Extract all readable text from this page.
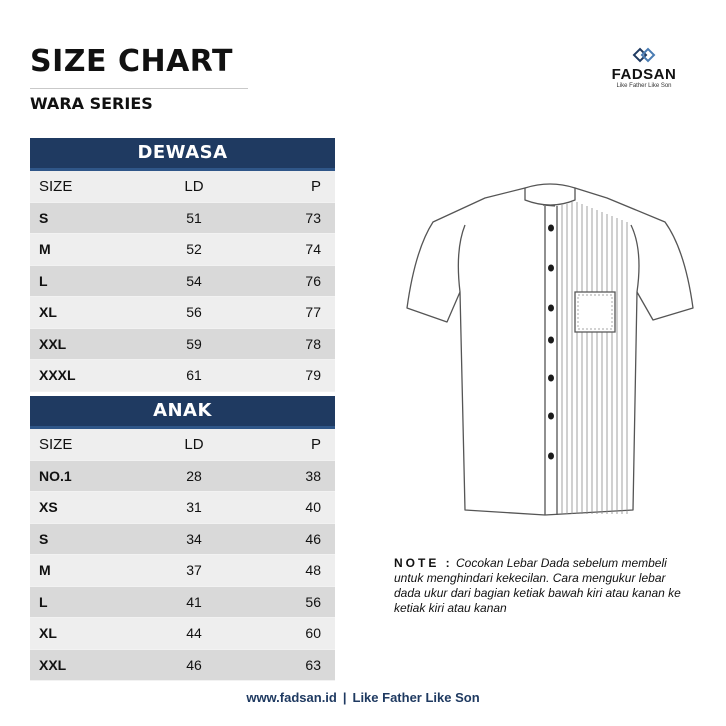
SIZE CHART
WARA SERIES
FADSAN
Like Father Like Son
DEWASA
SIZE	LD	P
S	51	73
M	52	74
L	54	76
XL	56	77
XXL	59	78
XXXL	61	79
ANAK
SIZE	LD	P
NO.1	28	38
XS	31	40
S	34	46
M	37	48
L	41	56
XL	44	60
XXL	46	63
NOTE : Cocokan Lebar Dada sebelum membeli untuk menghindari kekecilan. Cara mengukur lebar dada ukur dari bagian ketiak bawah kiri atau kanan ke ketiak kiri atau kanan
www.fadsan.id | Like Father Like Son
